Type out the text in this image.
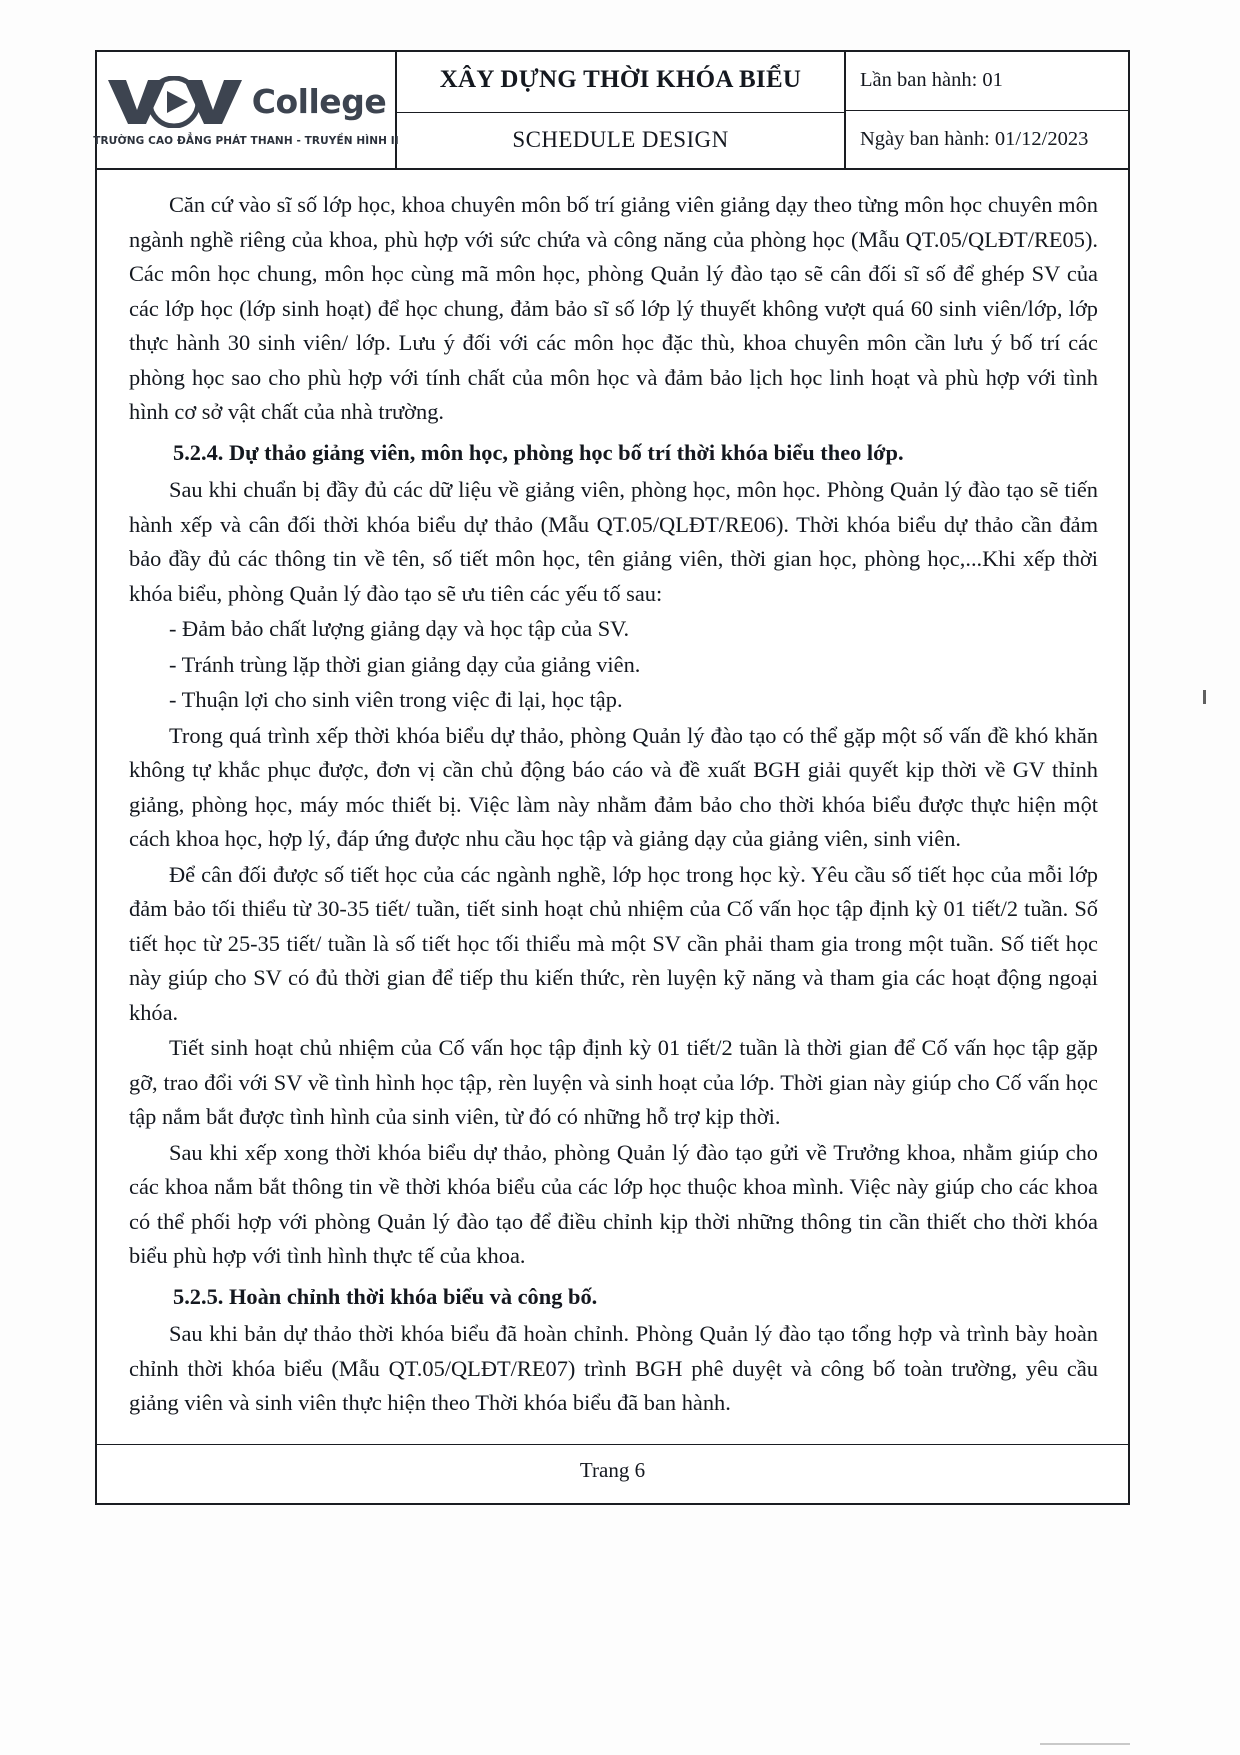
College
TRƯỜNG CAO ĐẲNG PHÁT THANH - TRUYỀN HÌNH II
XÂY DỰNG THỜI KHÓA BIỂU
SCHEDULE DESIGN
Lần ban hành: 01
Ngày ban hành: 01/12/2023

Căn cứ vào sĩ số lớp học, khoa chuyên môn bố trí giảng viên giảng dạy theo từng môn học chuyên môn ngành nghề riêng của khoa, phù hợp với sức chứa và công năng của phòng học (Mẫu QT.05/QLĐT/RE05). Các môn học chung, môn học cùng mã môn học, phòng Quản lý đào tạo sẽ cân đối sĩ số để ghép SV của các lớp học (lớp sinh hoạt) để học chung, đảm bảo sĩ số lớp lý thuyết không vượt quá 60 sinh viên/lớp, lớp thực hành 30 sinh viên/ lớp. Lưu ý đối với các môn học đặc thù, khoa chuyên môn cần lưu ý bố trí các phòng học sao cho phù hợp với tính chất của môn học và đảm bảo lịch học linh hoạt và phù hợp với tình hình cơ sở vật chất của nhà trường.

5.2.4. Dự thảo giảng viên, môn học, phòng học bố trí thời khóa biểu theo lớp.

Sau khi chuẩn bị đầy đủ các dữ liệu về giảng viên, phòng học, môn học. Phòng Quản lý đào tạo sẽ tiến hành xếp và cân đối thời khóa biểu dự thảo (Mẫu QT.05/QLĐT/RE06). Thời khóa biểu dự thảo cần đảm bảo đầy đủ các thông tin về tên, số tiết môn học, tên giảng viên, thời gian học, phòng học,...Khi xếp thời khóa biểu, phòng Quản lý đào tạo sẽ ưu tiên các yếu tố sau:

- Đảm bảo chất lượng giảng dạy và học tập của SV.

- Tránh trùng lặp thời gian giảng dạy của giảng viên.

- Thuận lợi cho sinh viên trong việc đi lại, học tập.

Trong quá trình xếp thời khóa biểu dự thảo, phòng Quản lý đào tạo có thể gặp một số vấn đề khó khăn không tự khắc phục được, đơn vị cần chủ động báo cáo và đề xuất BGH giải quyết kịp thời về GV thỉnh giảng, phòng học, máy móc thiết bị. Việc làm này nhằm đảm bảo cho thời khóa biểu được thực hiện một cách khoa học, hợp lý, đáp ứng được nhu cầu học tập và giảng dạy của giảng viên, sinh viên.

Để cân đối được số tiết học của các ngành nghề, lớp học trong học kỳ. Yêu cầu số tiết học của mỗi lớp đảm bảo tối thiểu từ 30-35 tiết/ tuần, tiết sinh hoạt chủ nhiệm của Cố vấn học tập định kỳ 01 tiết/2 tuần. Số tiết học từ 25-35 tiết/ tuần là số tiết học tối thiểu mà một SV cần phải tham gia trong một tuần. Số tiết học này giúp cho SV có đủ thời gian để tiếp thu kiến thức, rèn luyện kỹ năng và tham gia các hoạt động ngoại khóa.

Tiết sinh hoạt chủ nhiệm của Cố vấn học tập định kỳ 01 tiết/2 tuần là thời gian để Cố vấn học tập gặp gỡ, trao đổi với SV về tình hình học tập, rèn luyện và sinh hoạt của lớp. Thời gian này giúp cho Cố vấn học tập nắm bắt được tình hình của sinh viên, từ đó có những hỗ trợ kịp thời.

Sau khi xếp xong thời khóa biểu dự thảo, phòng Quản lý đào tạo gửi về Trưởng khoa, nhằm giúp cho các khoa nắm bắt thông tin về thời khóa biểu của các lớp học thuộc khoa mình. Việc này giúp cho các khoa có thể phối hợp với phòng Quản lý đào tạo để điều chỉnh kịp thời những thông tin cần thiết cho thời khóa biểu phù hợp với tình hình thực tế của khoa.

5.2.5. Hoàn chỉnh thời khóa biểu và công bố.

Sau khi bản dự thảo thời khóa biểu đã hoàn chỉnh. Phòng Quản lý đào tạo tổng hợp và trình bày hoàn chỉnh thời khóa biểu (Mẫu QT.05/QLĐT/RE07) trình BGH phê duyệt và công bố toàn trường, yêu cầu giảng viên và sinh viên thực hiện theo Thời khóa biểu đã ban hành.

Trang 6
